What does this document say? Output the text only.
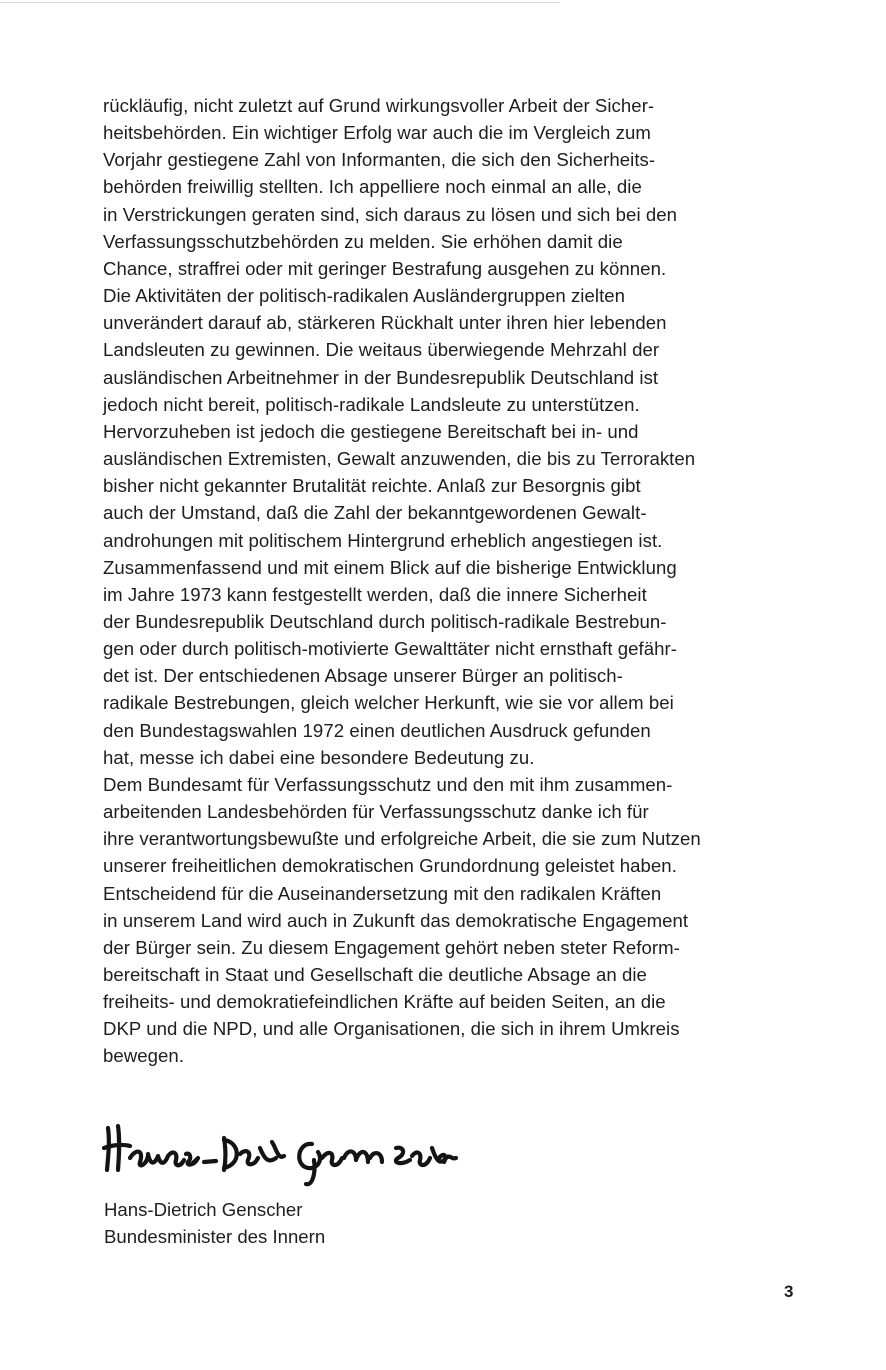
rückläufig, nicht zuletzt auf Grund wirkungsvoller Arbeit der Sicher-
heitsbehörden. Ein wichtiger Erfolg war auch die im Vergleich zum
Vorjahr gestiegene Zahl von Informanten, die sich den Sicherheits-
behörden freiwillig stellten. Ich appelliere noch einmal an alle, die
in Verstrickungen geraten sind, sich daraus zu lösen und sich bei den
Verfassungsschutzbehörden zu melden. Sie erhöhen damit die
Chance, straffrei oder mit geringer Bestrafung ausgehen zu können.
Die Aktivitäten der politisch-radikalen Ausländergruppen zielten
unverändert darauf ab, stärkeren Rückhalt unter ihren hier lebenden
Landsleuten zu gewinnen. Die weitaus überwiegende Mehrzahl der
ausländischen Arbeitnehmer in der Bundesrepublik Deutschland ist
jedoch nicht bereit, politisch-radikale Landsleute zu unterstützen.
Hervorzuheben ist jedoch die gestiegene Bereitschaft bei in- und
ausländischen Extremisten, Gewalt anzuwenden, die bis zu Terrorakten
bisher nicht gekannter Brutalität reichte. Anlaß zur Besorgnis gibt
auch der Umstand, daß die Zahl der bekanntgewordenen Gewalt-
androhungen mit politischem Hintergrund erheblich angestiegen ist.
Zusammenfassend und mit einem Blick auf die bisherige Entwicklung
im Jahre 1973 kann festgestellt werden, daß die innere Sicherheit
der Bundesrepublik Deutschland durch politisch-radikale Bestrebun-
gen oder durch politisch-motivierte Gewalttäter nicht ernsthaft gefähr-
det ist. Der entschiedenen Absage unserer Bürger an politisch-
radikale Bestrebungen, gleich welcher Herkunft, wie sie vor allem bei
den Bundestagswahlen 1972 einen deutlichen Ausdruck gefunden
hat, messe ich dabei eine besondere Bedeutung zu.
Dem Bundesamt für Verfassungsschutz und den mit ihm zusammen-
arbeitenden Landesbehörden für Verfassungsschutz danke ich für
ihre verantwortungsbewußte und erfolgreiche Arbeit, die sie zum Nutzen
unserer freiheitlichen demokratischen Grundordnung geleistet haben.
Entscheidend für die Auseinandersetzung mit den radikalen Kräften
in unserem Land wird auch in Zukunft das demokratische Engagement
der Bürger sein. Zu diesem Engagement gehört neben steter Reform-
bereitschaft in Staat und Gesellschaft die deutliche Absage an die
freiheits- und demokratiefeindlichen Kräfte auf beiden Seiten, an die
DKP und die NPD, und alle Organisationen, die sich in ihrem Umkreis
bewegen.
Hans-Dietrich Genscher
Bundesminister des Innern
3
